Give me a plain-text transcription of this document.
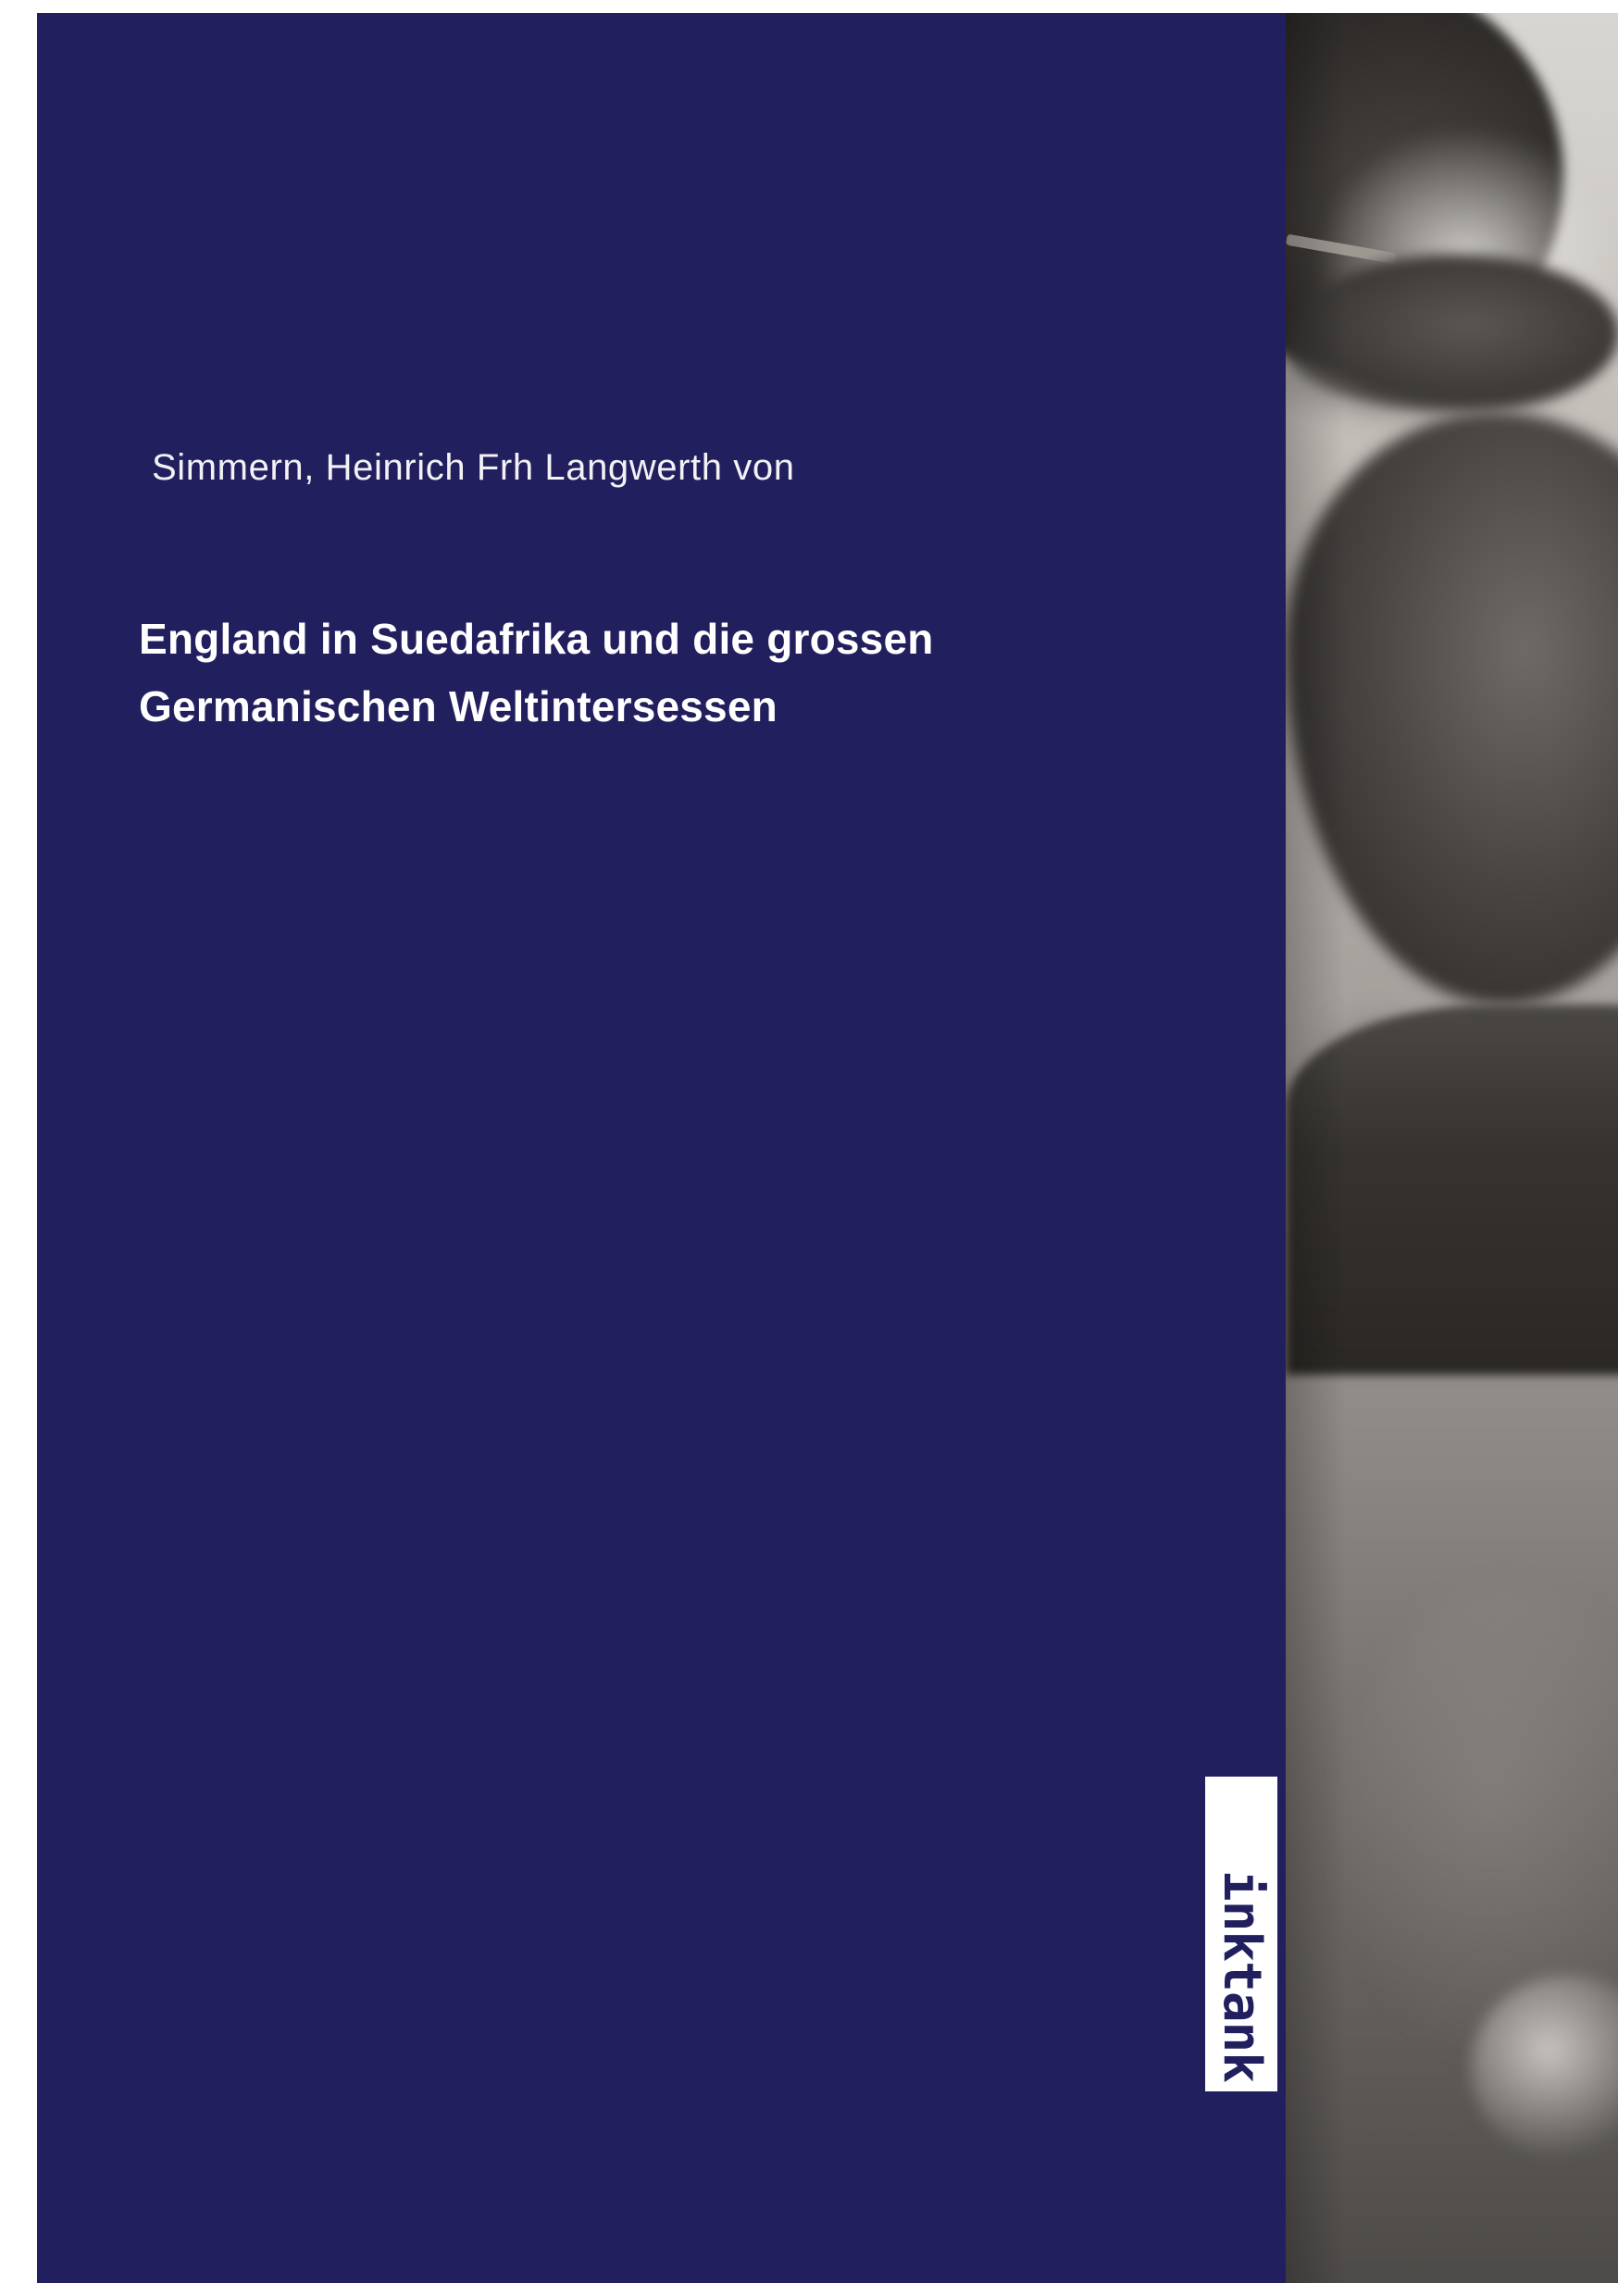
Simmern, Heinrich Frh Langwerth von
England in Suedafrika und die grossen Germanischen Weltintersessen
inktank
